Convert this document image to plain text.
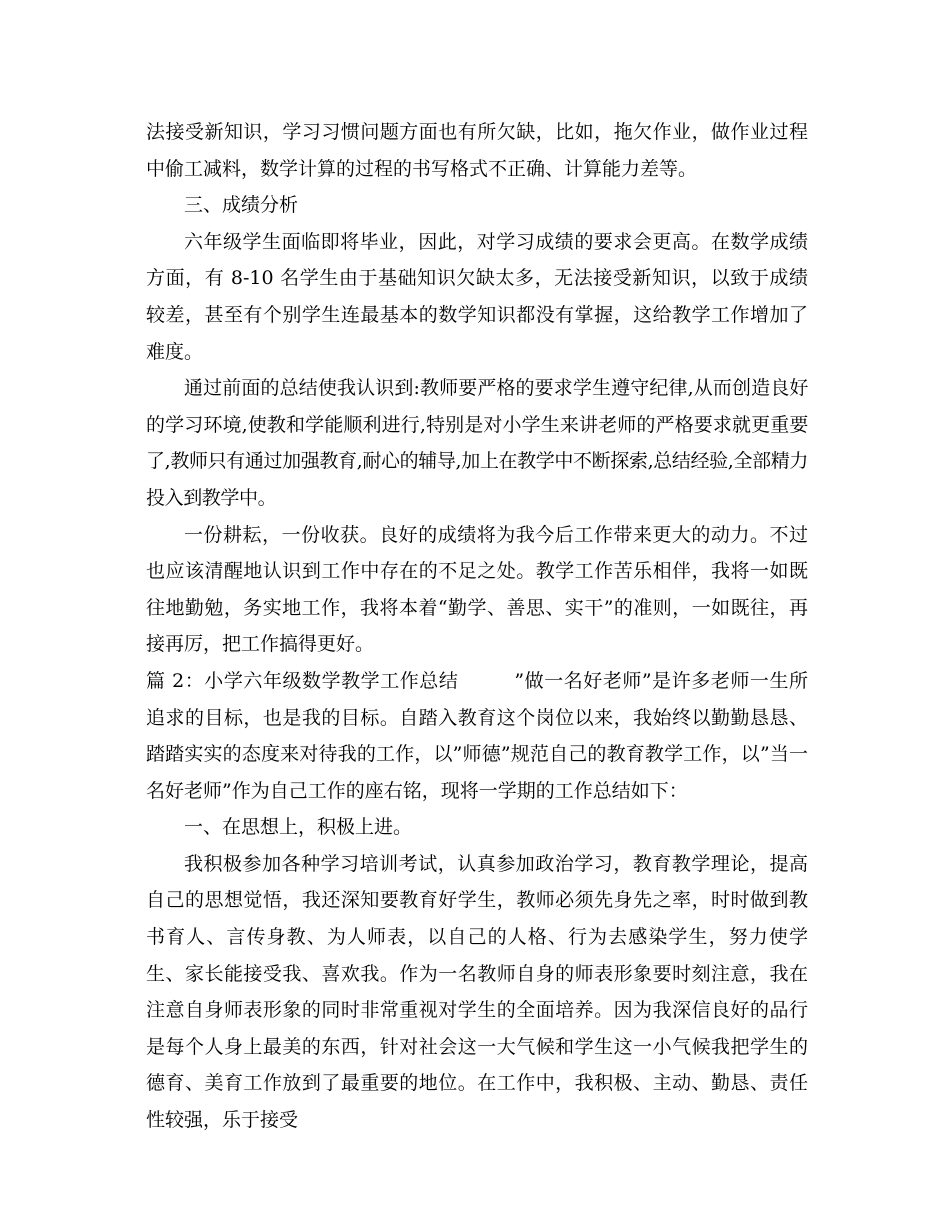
法接受新知识，学习习惯问题方面也有所欠缺，比如，拖欠作业，做作业过程中偷工减料，数学计算的过程的书写格式不正确、计算能力差等。

三、成绩分析

六年级学生面临即将毕业，因此，对学习成绩的要求会更高。在数学成绩方面，有 8-10 名学生由于基础知识欠缺太多，无法接受新知识，以致于成绩较差，甚至有个别学生连最基本的数学知识都没有掌握，这给教学工作增加了难度。

通过前面的总结使我认识到:教师要严格的要求学生遵守纪律,从而创造良好的学习环境,使教和学能顺利进行,特别是对小学生来讲老师的严格要求就更重要了,教师只有通过加强教育,耐心的辅导,加上在教学中不断探索,总结经验,全部精力投入到教学中。

一份耕耘，一份收获。良好的成绩将为我今后工作带来更大的动力。不过也应该清醒地认识到工作中存在的不足之处。教学工作苦乐相伴，我将一如既往地勤勉，务实地工作，我将本着“勤学、善思、实干”的准则，一如既往，再接再厉，把工作搞得更好。

篇 2：小学六年级数学教学工作总结	”做一名好老师”是许多老师一生所追求的目标，也是我的目标。自踏入教育这个岗位以来，我始终以勤勤恳恳、踏踏实实的态度来对待我的工作，以”师德”规范自己的教育教学工作，以”当一名好老师”作为自己工作的座右铭，现将一学期的工作总结如下：

一、在思想上，积极上进。

我积极参加各种学习培训考试，认真参加政治学习，教育教学理论，提高自己的思想觉悟，我还深知要教育好学生，教师必须先身先之率，时时做到教书育人、言传身教、为人师表，以自己的人格、行为去感染学生，努力使学生、家长能接受我、喜欢我。作为一名教师自身的师表形象要时刻注意，我在注意自身师表形象的同时非常重视对学生的全面培养。因为我深信良好的品行是每个人身上最美的东西，针对社会这一大气候和学生这一小气候我把学生的德育、美育工作放到了最重要的地位。在工作中，我积极、主动、勤恳、责任性较强，乐于接受
